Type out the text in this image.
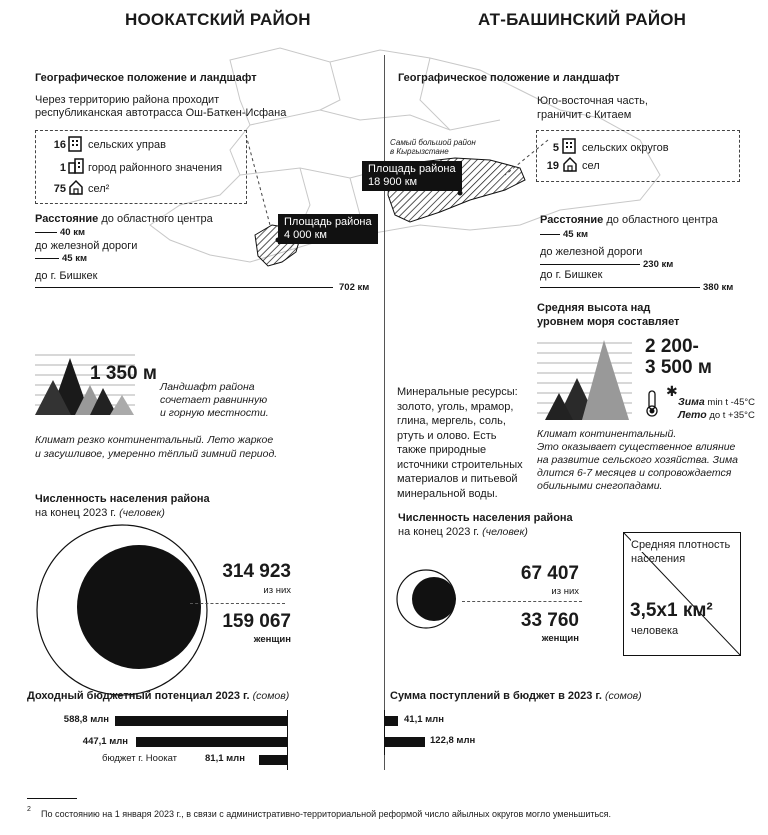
НООКАТСКИЙ РАЙОН
Географическое положение и ландшафт
Через территорию района проходит
республиканская автотрасса Ош-Баткен-Исфана
16 сельских управ
1 город районного значения
75 сел²
Площадь района
4 000 км
Расстояние до областного центра
40 км
до железной дороги
45 км
до г. Бишкек
702 км
1 350 м
Ландшафт района
сочетает равнинную
и горную местности.
Климат резко континентальный. Лето жаркое
и засушливое, умеренно тёплый зимний период.
Численность населения района
на конец 2023 г. (человек)
314 923
из них
159 067
женщин
Доходный бюджетный потенциал 2023 г. (сомов)
588,8 млн
447,1 млн
бюджет г. Ноокат	81,1 млн
АТ-БАШИНСКИЙ РАЙОН
Географическое положение и ландшафт
Юго-восточная часть,
граничит с Китаем
5 сельских округов
19 сел
Самый большой район
в Кыргызстане
Площадь района
18 900 км
Расстояние до областного центра
45 км
до железной дороги
230 км
до г. Бишкек
380 км
Средняя высота над
уровнем моря составляет
2 200-
3 500 м
✱
Зима min t -45°С
Лето до t +35°С
Минеральные ресурсы:
золото, уголь, мрамор,
глина, мергель, соль,
ртуть и олово. Есть
также природные
источники строительных
материалов и питьевой
минеральной воды.
Климат континентальный.
Это оказывает существенное влияние
на развитие сельского хозяйства. Зима
длится 6-7 месяцев и сопровождается
обильными снегопадами.
Численность населения района
на конец 2023 г. (человек)
67 407
из них
33 760
женщин
Средняя плотность
населения
3,5х1 км²
человека
Сумма поступлений в бюджет в 2023 г. (сомов)
41,1 млн
122,8 млн
2 По состоянию на 1 января 2023 г., в связи с административно-территориальной реформой число айылных округов могло уменьшиться.
